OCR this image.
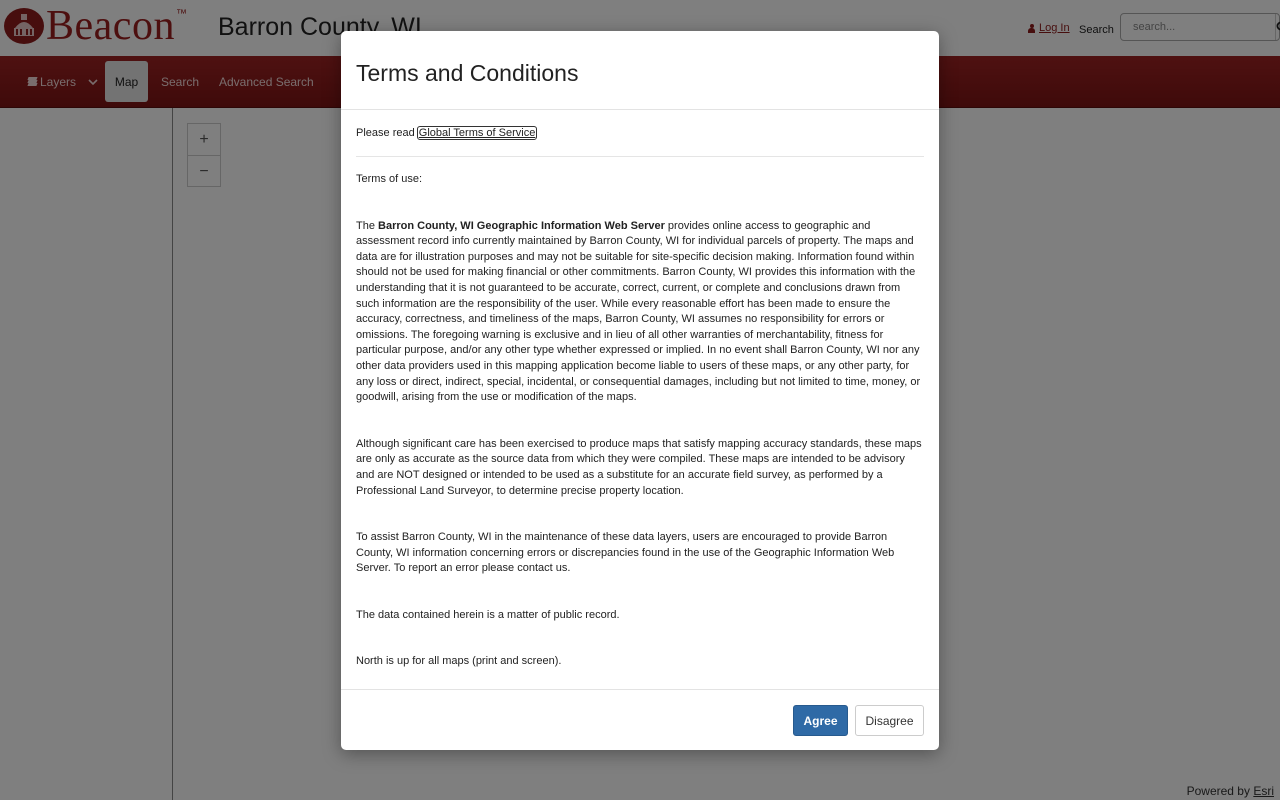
search...
Terms and Conditions
Please read Global Terms of Service
Terms of use:
The Barron County, WI Geographic Information Web Server provides online access to geographic and assessment record info currently maintained by Barron County, WI for individual parcels of property. The maps and data are for illustration purposes and may not be suitable for site-specific decision making. Information found within should not be used for making financial or other commitments. Barron County, WI provides this information with the understanding that it is not guaranteed to be accurate, correct, current, or complete and conclusions drawn from such information are the responsibility of the user. While every reasonable effort has been made to ensure the accuracy, correctness, and timeliness of the maps, Barron County, WI assumes no responsibility for errors or omissions. The foregoing warning is exclusive and in lieu of all other warranties of merchantability, fitness for particular purpose, and/or any other type whether expressed or implied. In no event shall Barron County, WI nor any other data providers used in this mapping application become liable to users of these maps, or any other party, for any loss or direct, indirect, special, incidental, or consequential damages, including but not limited to time, money, or goodwill, arising from the use or modification of the maps.
Although significant care has been exercised to produce maps that satisfy mapping accuracy standards, these maps are only as accurate as the source data from which they were compiled. These maps are intended to be advisory and are NOT designed or intended to be used as a substitute for an accurate field survey, as performed by a Professional Land Surveyor, to determine precise property location.
To assist Barron County, WI in the maintenance of these data layers, users are encouraged to provide Barron County, WI information concerning errors or discrepancies found in the use of the Geographic Information Web Server. To report an error please contact us.
The data contained herein is a matter of public record.
North is up for all maps (print and screen).
Agree	Disagree
